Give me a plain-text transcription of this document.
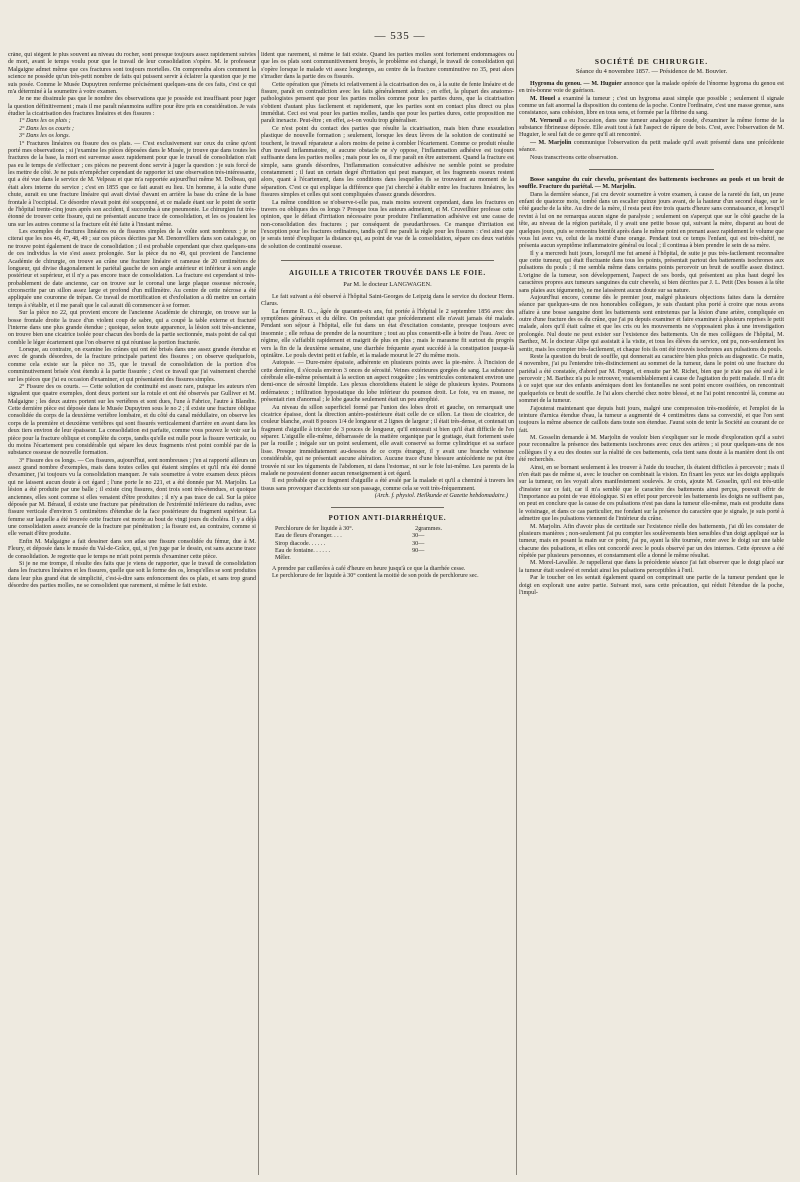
— 535 —

crâne, qui siégent le plus souvent au niveau du rocher, sont presque toujours assez rapidement suivies de mort, avant le temps voulu pour que le travail de leur consolidation s'opère. M. le professeur Malgaigne admet même que ces fractures sont toujours mortelles. On comprendra alors comment la science ne possède qu'un très-petit nombre de faits qui puissent servir à éclairer la question que je me suis posée. Comme le Musée Dupuytren renferme précisément quelques-uns de ces faits, c'est ce qui m'a déterminé à la soumettre à votre examen.

Je ne me dissimule pas que le nombre des observations que je possède est insuffisant pour juger la question définitivement ; mais il me paraît néanmoins suffire pour être pris en considération. Je vais étudier la cicatrisation des fractures linéaires et des fissures :

1° Dans les os plats ;

2° Dans les os courts ;

3° Dans les os longs.

1° Fractures linéaires ou fissure des os plats. — C'est exclusivement sur ceux du crâne qu'ont porté mes observations ; si j'examine les pièces déposées dans le Musée, je trouve que dans toutes les fractures de la base, la mort est survenue assez rapidement pour que le travail de consolidation n'ait pas eu le temps de s'effectuer ; ces pièces ne peuvent donc servir à juger la question : je suis forcé de les mettre de côté. Je ne puis m'empêcher cependant de rapporter ici une observation très-intéressante, qui a été vue dans le service de M. Velpeau et que m'a rapportée aujourd'hui même M. Dolbeau, qui était alors interne du service ; c'est en 1855 que ce fait aurait eu lieu. Un homme, à la suite d'une chute, aurait eu une fracture linéaire qui avait divisé d'avant en arrière la base du crâne de la base frontale à l'occipital. Ce désordre n'avait point été soupçonné, et ce malade étant sur le point de sortir de l'hôpital trente-cinq jours après son accident, il succomba à une pneumonie. Le chirurgien fut très-étonné de trouver cette fissure, qui ne présentait aucune trace de consolidation, et les os jouaient les uns sur les autres comme si la fracture eût été faite à l'instant même.

Les exemples de fractures linéaires ou de fissures simples de la voûte sont nombreux ; je ne citerai que les nos 46, 47, 48, 49 ; sur ces pièces décrites par M. Denonvilliers dans son catalogue, on ne trouve point également de trace de consolidation ; il est probable cependant que chez quelques-uns de ces individus la vie s'est assez prolongée. Sur la pièce du no 49, qui provient de l'ancienne Académie de chirurgie, on trouve au crâne une fracture linéaire et rameuse de 20 centimètres de longueur, qui divise diagonalement le pariétal gauche de son angle antérieur et inférieur à son angle postérieur et supérieur, et il n'y a pas encore trace de consolidation. La fracture est cependant si très-probablement de date ancienne, car on trouve sur le coronal une large plaque osseuse nécrosée, circonscrite par un sillon assez large et profond d'un millimètre. Au centre de cette nécrose a été appliquée une couronne de trépan. Ce travail de mortification et d'exfoliation a dû mettre un certain temps à s'établir, et il me paraît que le cal aurait dû commencer à se former.

Sur la pièce no 22, qui provient encore de l'ancienne Académie de chirurgie, on trouve sur la bosse frontale droite la trace d'un violent coup de sabre, qui a coupé la table externe et fracturé l'interne dans une plus grande étendue ; quoique, selon toute apparence, la lésion soit très-ancienne, on trouve bien une cicatrice isolée pour chacun des bords de la partie sectionnée, mais point de cal qui comble le léger écartement que l'on observe ni qui réunisse la portion fracturée.

Lorsque, au contraire, on examine les crânes qui ont été brisés dans une assez grande étendue et avec de grands désordres, de la fracture principale partent des fissures ; on observe quelquefois, comme cela existe sur la pièce no 35, que le travail de consolidation de la portion d'os comminutivement brisée s'est étendu à la partie fissurée ; c'est ce travail que j'ai vainement cherché sur les pièces que j'ai eu occasion d'examiner, et qui présentaient des fissures simples.

2° Fissure des os courts. — Cette solution de continuité est assez rare, puisque les auteurs n'en signalent que quatre exemples, dont deux portent sur la rotule et ont été observés par Gulliver et M. Malgaigne ; les deux autres portent sur les vertèbres et sont dues, l'une à Fabrice, l'autre à Blandin. Cette dernière pièce est déposée dans le Musée Dupuytren sous le no 2 ; il existe une fracture oblique consolidée du corps de la deuxième vertèbre lombaire, et du côté du canal médullaire, on observe les corps de la première et deuxième vertèbres qui sont fissurés verticalement d'arrière en avant dans les deux tiers environ de leur épaisseur. La consolidation est parfaite, comme vous pouvez le voir sur la pièce pour la fracture oblique et complète du corps, tandis qu'elle est nulle pour la fissure verticale, ou du moins l'écartement peu considérable qui sépare les deux fragments n'est point comblé par de la substance osseuse de nouvelle formation.

3° Fissure des os longs. — Ces fissures, aujourd'hui, sont nombreuses ; j'en ai rapporté ailleurs un assez grand nombre d'exemples, mais dans toutes celles qui étaient simples et qu'il m'a été donné d'examiner, j'ai toujours vu la consolidation manquer. Je vais soumettre à votre examen deux pièces qui ne laissent aucun doute à cet égard ; l'une porte le no 221, et a été donnée par M. Marjolin. La lésion a été produite par une balle ; il existe cinq fissures, dont trois sont très-étendues, et quoique anciennes, elles sont comme si elles venaient d'être produites ; il n'y a pas trace de cal. Sur la pièce déposée par M. Béraud, il existe une fracture par pénétration de l'extrémité inférieure du radius, avec fissure verticale d'environ 5 centimètres d'étendue de la face postérieure du fragment supérieur. La femme sur laquelle a été trouvée cette fracture est morte au bout de vingt jours du choléra. Il y a déjà une consolidation assez avancée de la fracture par pénétration ; la fissure est, au contraire, comme si elle venait d'être produite.

Enfin M. Malgaigne a fait dessiner dans son atlas une fissure consolidée du fémur, due à M. Fleury, et déposée dans le musée du Val-de-Grâce, qui, si j'en juge par le dessin, est sans aucune trace de consolidation. Je regrette que le temps ne m'ait point permis d'examiner cette pièce.

Si je ne me trompe, il résulte des faits que je viens de rapporter, que le travail de consolidation dans les fractures linéaires et les fissures, quelle que soit la forme des os, lorsqu'elles se sont produites dans leur plus grand état de simplicité, c'est-à-dire sans enfoncement des os plats, et sans trop grand désordre des parties molles, ne se consolident que rarement, si même le fait existe.

lident que rarement, si même le fait existe. Quand les parties molles sont fortement endommagées ou que les os plats sont communitivement broyés, le problème est changé, le travail de consolidation qui s'opère lorsque le malade vit assez longtemps, au centre de la fracture comminutive no 35, peut alors s'irradier dans la partie des os fissurés.

Cette opération que j'émets ici relativement à la cicatrisation des os, à la suite de fente linéaire et de fissure, paraît en contradiction avec les faits généralement admis ; en effet, la plupart des anatomo-pathologistes pensent que pour les parties molles comme pour les parties dures, que la cicatrisation s'obtient d'autant plus facilement et rapidement, que les parties sont en contact plus direct ou plus immédiat. Ceci est vrai pour les parties molles, tandis que pour les parties dures, cette proposition me paraît inexacte. Peut-être ; en effet, a-t-on voulu trop généraliser.

Ce n'est point du contact des parties que résulte la cicatrisation, mais bien d'une exsudation plastique de nouvelle formation ; seulement, lorsque les deux lèvres de la solution de continuité se touchent, le travail réparateur a alors moins de peine à combler l'écartement. Comme ce produit résulte d'un travail inflammatoire, si aucune obstacle ne s'y oppose, l'inflammation adhésive est toujours suffisante dans les parties molles ; mais pour les os, il me paraît en être autrement. Quand la fracture est simple, sans grands désordres, l'inflammation consécutive adhésive ne semble point se produire constamment ; il faut un certain degré d'irritation qui peut manquer, et les fragments osseux restent alors, quant à l'écartement, dans les conditions dans lesquelles ils se trouvaient au moment de la séparation. C'est ce qui explique la différence que j'ai cherché à établir entre les fractures linéaires, les fissures simples et celles qui sont compliquées d'assez grands désordres.

La même condition se n'observe-t-elle pas, mais moins souvent cependant, dans les fractures en travers ou obliques des os longs ? Presque tous les auteurs admettent, et M. Cruveilhier professe cette opinion, que le défaut d'irritation nécessaire pour produire l'inflammation adhésive est une cause de non-consolidation des fractures ; par conséquent de pseudarthroses. Ce manque d'irritation est l'exception pour les fractures ordinaires, tandis qu'il me paraît la règle pour les fissures : c'est ainsi que je serais tenté d'expliquer la distance qui, au point de vue de la consolidation, sépare ces deux variétés de solution de continuité osseuse.

AIGUILLE A TRICOTER TROUVÉE DANS LE FOIE.
Par M. le docteur LANGWAGEN.

Le fait suivant a été observé à l'hôpital Saint-Georges de Leipzig dans le service du docteur Herm. Clarus.

La femme R. O..., âgée de quarante-six ans, fut portée à l'hôpital le 2 septembre 1856 avec des symptômes généraux et du délire. On prétendait que précédemment elle n'avait jamais été malade. Pendant son séjour à l'hôpital, elle fut dans un état d'excitation constante, presque toujours avec insomnie ; elle refusa de prendre de la nourriture ; tout au plus consentit-elle à boire de l'eau. Avec ce régime, elle s'affaiblit rapidement et maigrit de plus en plus ; mais le marasme fit surtout du progrès vers la fin de la deuxième semaine, une diarrhée fréquente ayant succédé à la constipation jusque-là opiniâtre. Le pouls devint petit et faible, et la malade mourut le 27 du même mois.

Autopsie. — Dure-mère épaissie, adhérente en plusieurs points avec la pie-mère. À l'incision de cette dernière, il s'écoula environ 3 onces de sérosité. Veines extérieures gorgées de sang. La substance cérébrale elle-même présentait à la section un aspect rougeâtre ; les ventricules contenaient environ une demi-once de sérosité limpide. Les plexus choroïdiens étaient le siège de plusieurs kystes. Poumons œdémateux ; infiltration hypostatique du lobe inférieur du poumon droit. Le foie, vu en masse, ne présentait rien d'anormal ; le lobe gauche seulement était un peu atrophié.

Au niveau du sillon superficiel formé par l'union des lobes droit et gauche, on remarquait une cicatrice épaisse, dont la direction antéro-postérieure était celle de ce sillon. Le tissu de cicatrice, de couleur blanche, avait 8 pouces 1/4 de longueur et 2 lignes de largeur ; il était très-dense, et contenait un fragment d'aiguille à tricoter de 3 pouces de longueur, qu'il entourait si bien qu'il était difficile de l'en séparer. L'aiguille elle-même, débarrassée de la matière organique par le grattage, était fortement usée par la rouille ; inégale sur un point seulement, elle avait conservé sa forme cylindrique et sa surface lisse. Presque immédiatement au-dessous de ce corps étranger, il y avait une branche veineuse considérable, qui ne présentait aucune altération. Aucune trace d'une blessure antécédente ne put être trouvée ni sur les téguments de l'abdomen, ni dans l'estomac, ni sur le foie lui-même. Les parents de la malade ne pouvaient donner aucun renseignement à cet égard.

Il est probable que ce fragment d'aiguille a été avalé par la malade et qu'il a cheminé à travers les tissus sans provoquer d'accidents sur son passage, comme cela se voit très-fréquemment.

(Arch. f. physiol. Heilkunde et Gazette hebdomadaire.)
POTION ANTI-DIARRHÉIQUE.
Perchlorure de fer liquide à 30°.	2 grammes.
Eau de fleurs d'oranger. . . .	30 —
Sirop diacode. . . . . .	30 —
Eau de fontaine. . . . . .	90 —
Mêler.

A prendre par cuillerées à café d'heure en heure jusqu'à ce que la diarrhée cesse.

Le perchlorure de fer liquide à 30° contient la moitié de son poids de perchlorure sec.

SOCIÉTÉ DE CHIRURGIE.
Séance du 4 novembre 1857. — Présidence de M. Bouvier.

Hygroma du genou. — M. Huguier annonce que la malade opérée de l'énorme hygroma du genou est en très-bonne voie de guérison.

M. Houel a examiné la tumeur ; c'est un hygroma aussi simple que possible ; seulement il signale comme un fait anormal la disposition du contenu de la poche. Contre l'ordinaire, c'est une masse grenue, sans consistance, sans cohésion, libre en tous sens, et formée par la fibrine du sang.

M. Verneuil a eu l'occasion, dans une tumeur analogue de coude, d'examiner la même forme de la substance fibrineuse déposée. Elle avait tout à fait l'aspect de râpure de bois. C'est, avec l'observation de M. Huguier, le seul fait de ce genre qu'il ait rencontré.

— M. Marjolin communique l'observation du petit malade qu'il avait présenté dans une précédente séance.

Nous transcrivons cette observation.

Bosse sanguine du cuir chevelu, présentant des battements isochrones au pouls et un bruit de souffle. Fracture du pariétal. — M. Marjolin.

Dans la dernière séance, j'ai cru devoir soumettre à votre examen, à cause de la rareté du fait, un jeune enfant de quatorze mois, tombé dans un escalier quinze jours avant, de la hauteur d'un second étage, sur le côté gauche de la tête. Au dire de la mère, il resta peut être trois quarts d'heure sans connaissance, et lorsqu'il revint à lui on ne remarqua aucun signe de paralysie ; seulement on s'aperçut que sur le côté gauche de la tête, au niveau de la région pariétale, il y avait une petite bosse qui, suivant la mère, disparut au bout de quelques jours, puis se remontra bientôt après dans le même point en prenant assez rapidement le volume que vous lui avez vu, celui de la moitié d'une orange. Pendant tout ce temps l'enfant, qui est très-chétif, ne présenta aucun symptôme inflammatoire général ou local ; il continua à bien prendre le sein de sa mère.

Il y a mercredi huit jours, lorsqu'il me fut amené à l'hôpital, de suite je pus très-facilement reconnaître que cette tumeur, qui était fluctuante dans tous les points, présentait partout des battements isochrones aux pulsations du pouls ; il me sembla même dans certains points percevoir un bruit de souffle assez distinct. L'origine de la tumeur, son développement, l'aspect de ses bords, qui présentent au plus haut degré les caractères propres aux tumeurs sanguines du cuir chevelu, si bien décrites par J. L. Petit (Des bosses à la tête sans plaies aux téguments), ne me laissèrent aucun doute sur sa nature.

Aujourd'hui encore, comme dès le premier jour, malgré plusieurs objections faites dans la dernière séance par quelques-uns de nos honorables collègues, je suis d'autant plus porté à croire que nous avons affaire à une bosse sanguine dont les battements sont entretenus par la lésion d'une artère, compliquée en outre d'une fracture des os du crâne, que j'ai pu depuis examiner et faire examiner à plusieurs reprises le petit malade, alors qu'il était calme et que les cris ou les mouvements ne s'opposaient plus à une investigation prolongée. Nul doute ne peut exister sur l'existence des battements. Un de mes collègues de l'hôpital, M. Barthez, M. le docteur Alipe qui assistait à la visite, et tous les élèves du service, ont pu, non-seulement les sentir, mais les compter très-facilement, et chaque fois ils ont été trouvés isochrones aux pulsations du pouls.

Reste la question du bruit de souffle, qui donnerait au caractère bien plus précis au diagnostic. Ce matin, 4 novembre, j'ai pu l'entendre très-distinctement au sommet de la tumeur, dans le point où une fracture du pariétal a été constatée, d'abord par M. Forget, et ensuite par M. Richet, bien que je n'aie pas été seul à le percevoir ; M. Barthez n'a pu le retrouver, vraisemblablement à cause de l'agitation du petit malade. Il m'a dit à ce sujet que sur des enfants anémiques dont les fontanelles ne sont point encore ossifiées, on rencontrait quelquefois ce bruit de souffle. Je l'ai alors cherché chez notre blessé, et ne l'ai point rencontré là, comme au sommet de la tumeur.

J'ajouterai maintenant que depuis huit jours, malgré une compression très-modérée, et l'emploi de la teinture d'arnica étendue d'eau, la tumeur a augmenté de 4 centimètres dans sa convexité, et que l'on sent toujours la même absence de caillots dans toute son étendue. J'aurai soin de tenir la Société au courant de ce fait.

M. Gosselin demande à M. Marjolin de vouloir bien s'expliquer sur le mode d'exploration qu'il a suivi pour reconnaître la présence des battements isochrones avec ceux des artères ; si pour quelques-uns de nos collègues il y a eu des doutes sur la réalité de ces battements, cela tient sans doute à la manière dont ils ont été recherchés.

Ainsi, en se bornant seulement à les trouver à l'aide du toucher, ils étaient difficiles à percevoir ; mais il n'en était pas de même si, avec le toucher on combinait la vision. En fixant les yeux sur les doigts appliqués sur la tumeur, on les voyait alors manifestement soulevés. Je crois, ajoute M. Gosselin, qu'il est très-utile d'insister sur ce fait, car il m'a semblé que le caractère des battements ainsi perçus, pouvait offrir de l'importance au point de vue étiologique. Si en effet pour percevoir les battements les doigts ne suffisent pas, on peut en conclure que la cause de ces pulsations n'est pas dans la tumeur elle-même, mais est produite dans le voisinage, et dans ce cas particulier, me fondant sur la présence du caractère que je signale, je suis porté à admettre que les pulsations viennent de l'intérieur du crâne.

M. Marjolin. Afin d'avoir plus de certitude sur l'existence réelle des battements, j'ai dû les constater de plusieurs manières ; non-seulement j'ai pu compter les soulèvements bien sensibles d'un doigt appliqué sur la tumeur, mais en posant la main sur ce point, j'ai pu, ayant la tête tournée, noter avec le doigt sur une table chacune des pulsations, et elles ont concordé avec le pouls observé par un des internes. Cette épreuve a été répétée par plusieurs personnes, et constamment elle a donné le même résultat.

M. Morel-Lavallée. Je rappellerai que dans la précédente séance j'ai fait observer que le doigt placé sur la tumeur était soulevé et rendait ainsi les pulsations perceptibles à l'œil.

Par le toucher on les sentait également quand on comprimait une partie de la tumeur pendant que le doigt en explorait une autre partie. Suivant moi, sans cette précaution, qui réduit l'étendue de la poche, l'impul-
